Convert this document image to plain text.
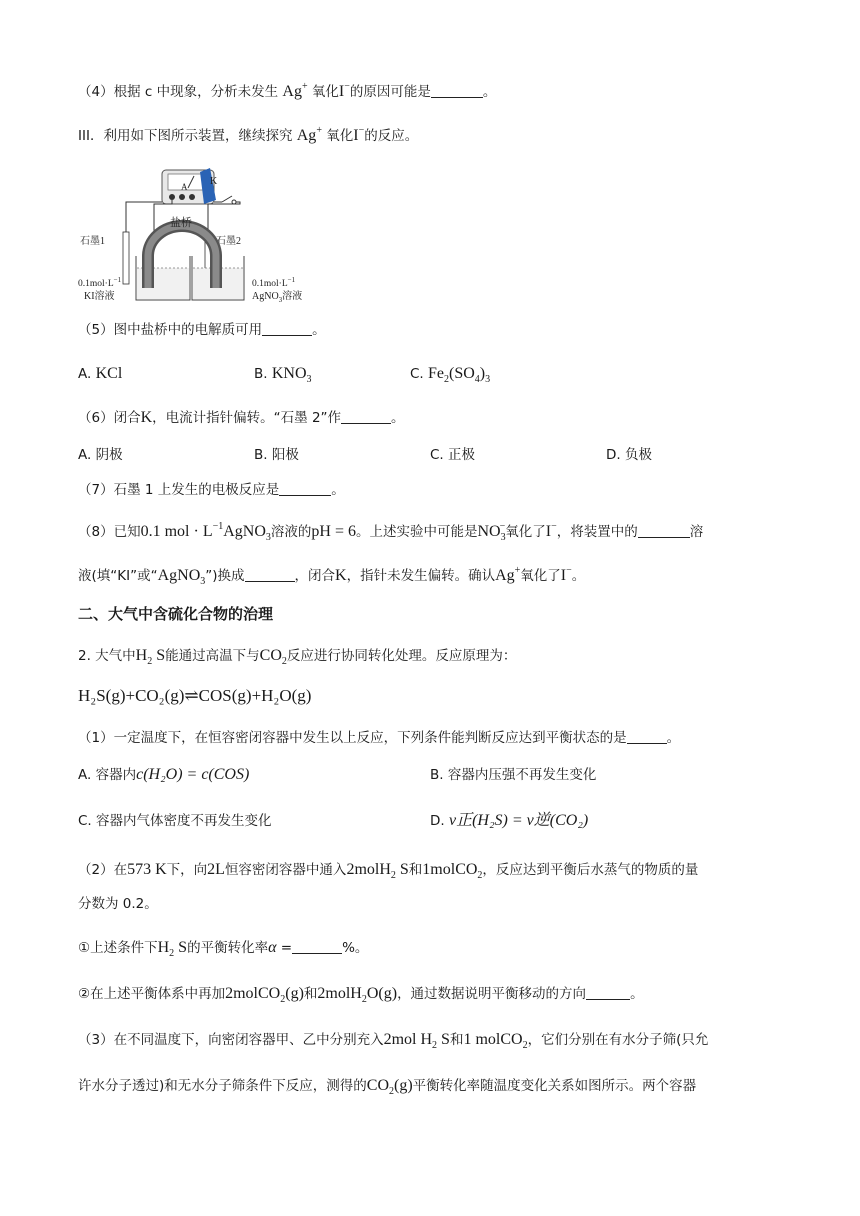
（4）根据 c 中现象，分析未发生 Ag+ 氧化I−的原因可能是	。
III．利用如下图所示装置，继续探究 Ag+ 氧化I−的反应。
A K
石墨1	石墨2
盐桥
$0.1mol\cdot L^{-1}$
KI溶液
$0.1mol\cdot L^{-1}$
AgNO$_3$溶液
（5）图中盐桥中的电解质可用	。
A. KCl	B. $KNO_3$	C. $Fe_2(SO_4)_3$
（6）闭合K，电流计指针偏转。“石墨 2”作	。
A. 阴极	B. 阳极	C. 正极	D. 负极
（7）石墨 1 上发生的电极反应是	。
（8）已知0.1 mol · $L^{-1}AgNO_3$溶液的pH = 6。上述实验中可能是$NO_3^-$氧化了I−，将装置中的	溶
液(填“KI”或“AgNO$_3$”)换成	，闭合K，指针未发生偏转。确认Ag+氧化了I−。
二、大气中含硫化合物的治理
2. 大气中$H_2$ S能通过高温下与$CO_2$反应进行协同转化处理。反应原理为：
H₂S(g)+CO₂(g)⇌COS(g)+H₂O(g)
（1）一定温度下，在恒容密闭容器中发生以上反应，下列条件能判断反应达到平衡状态的是	。
A. 容器内c(H₂O) = c(COS)	B. 容器内压强不再发生变化
C. 容器内气体密度不再发生变化	D. v正(H₂S) = v逆(CO₂)
（2）在573 K下，向2L恒容密闭容器中通入2molH$_2$ S和1molCO$_2$，反应达到平衡后水蒸气的物质的量
分数为 0.2。
①上述条件下$H_2$ S的平衡转化率α =	%。
②在上述平衡体系中再加2molCO$_2$(g)和2molH$_2$O(g)，通过数据说明平衡移动的方向	。
（3）在不同温度下，向密闭容器甲、乙中分别充入2mol $H_2$ S和1 molCO$_2$，它们分别在有水分子筛(只允
许水分子透过)和无水分子筛条件下反应，测得的$CO_2(g)$平衡转化率随温度变化关系如图所示。两个容器
